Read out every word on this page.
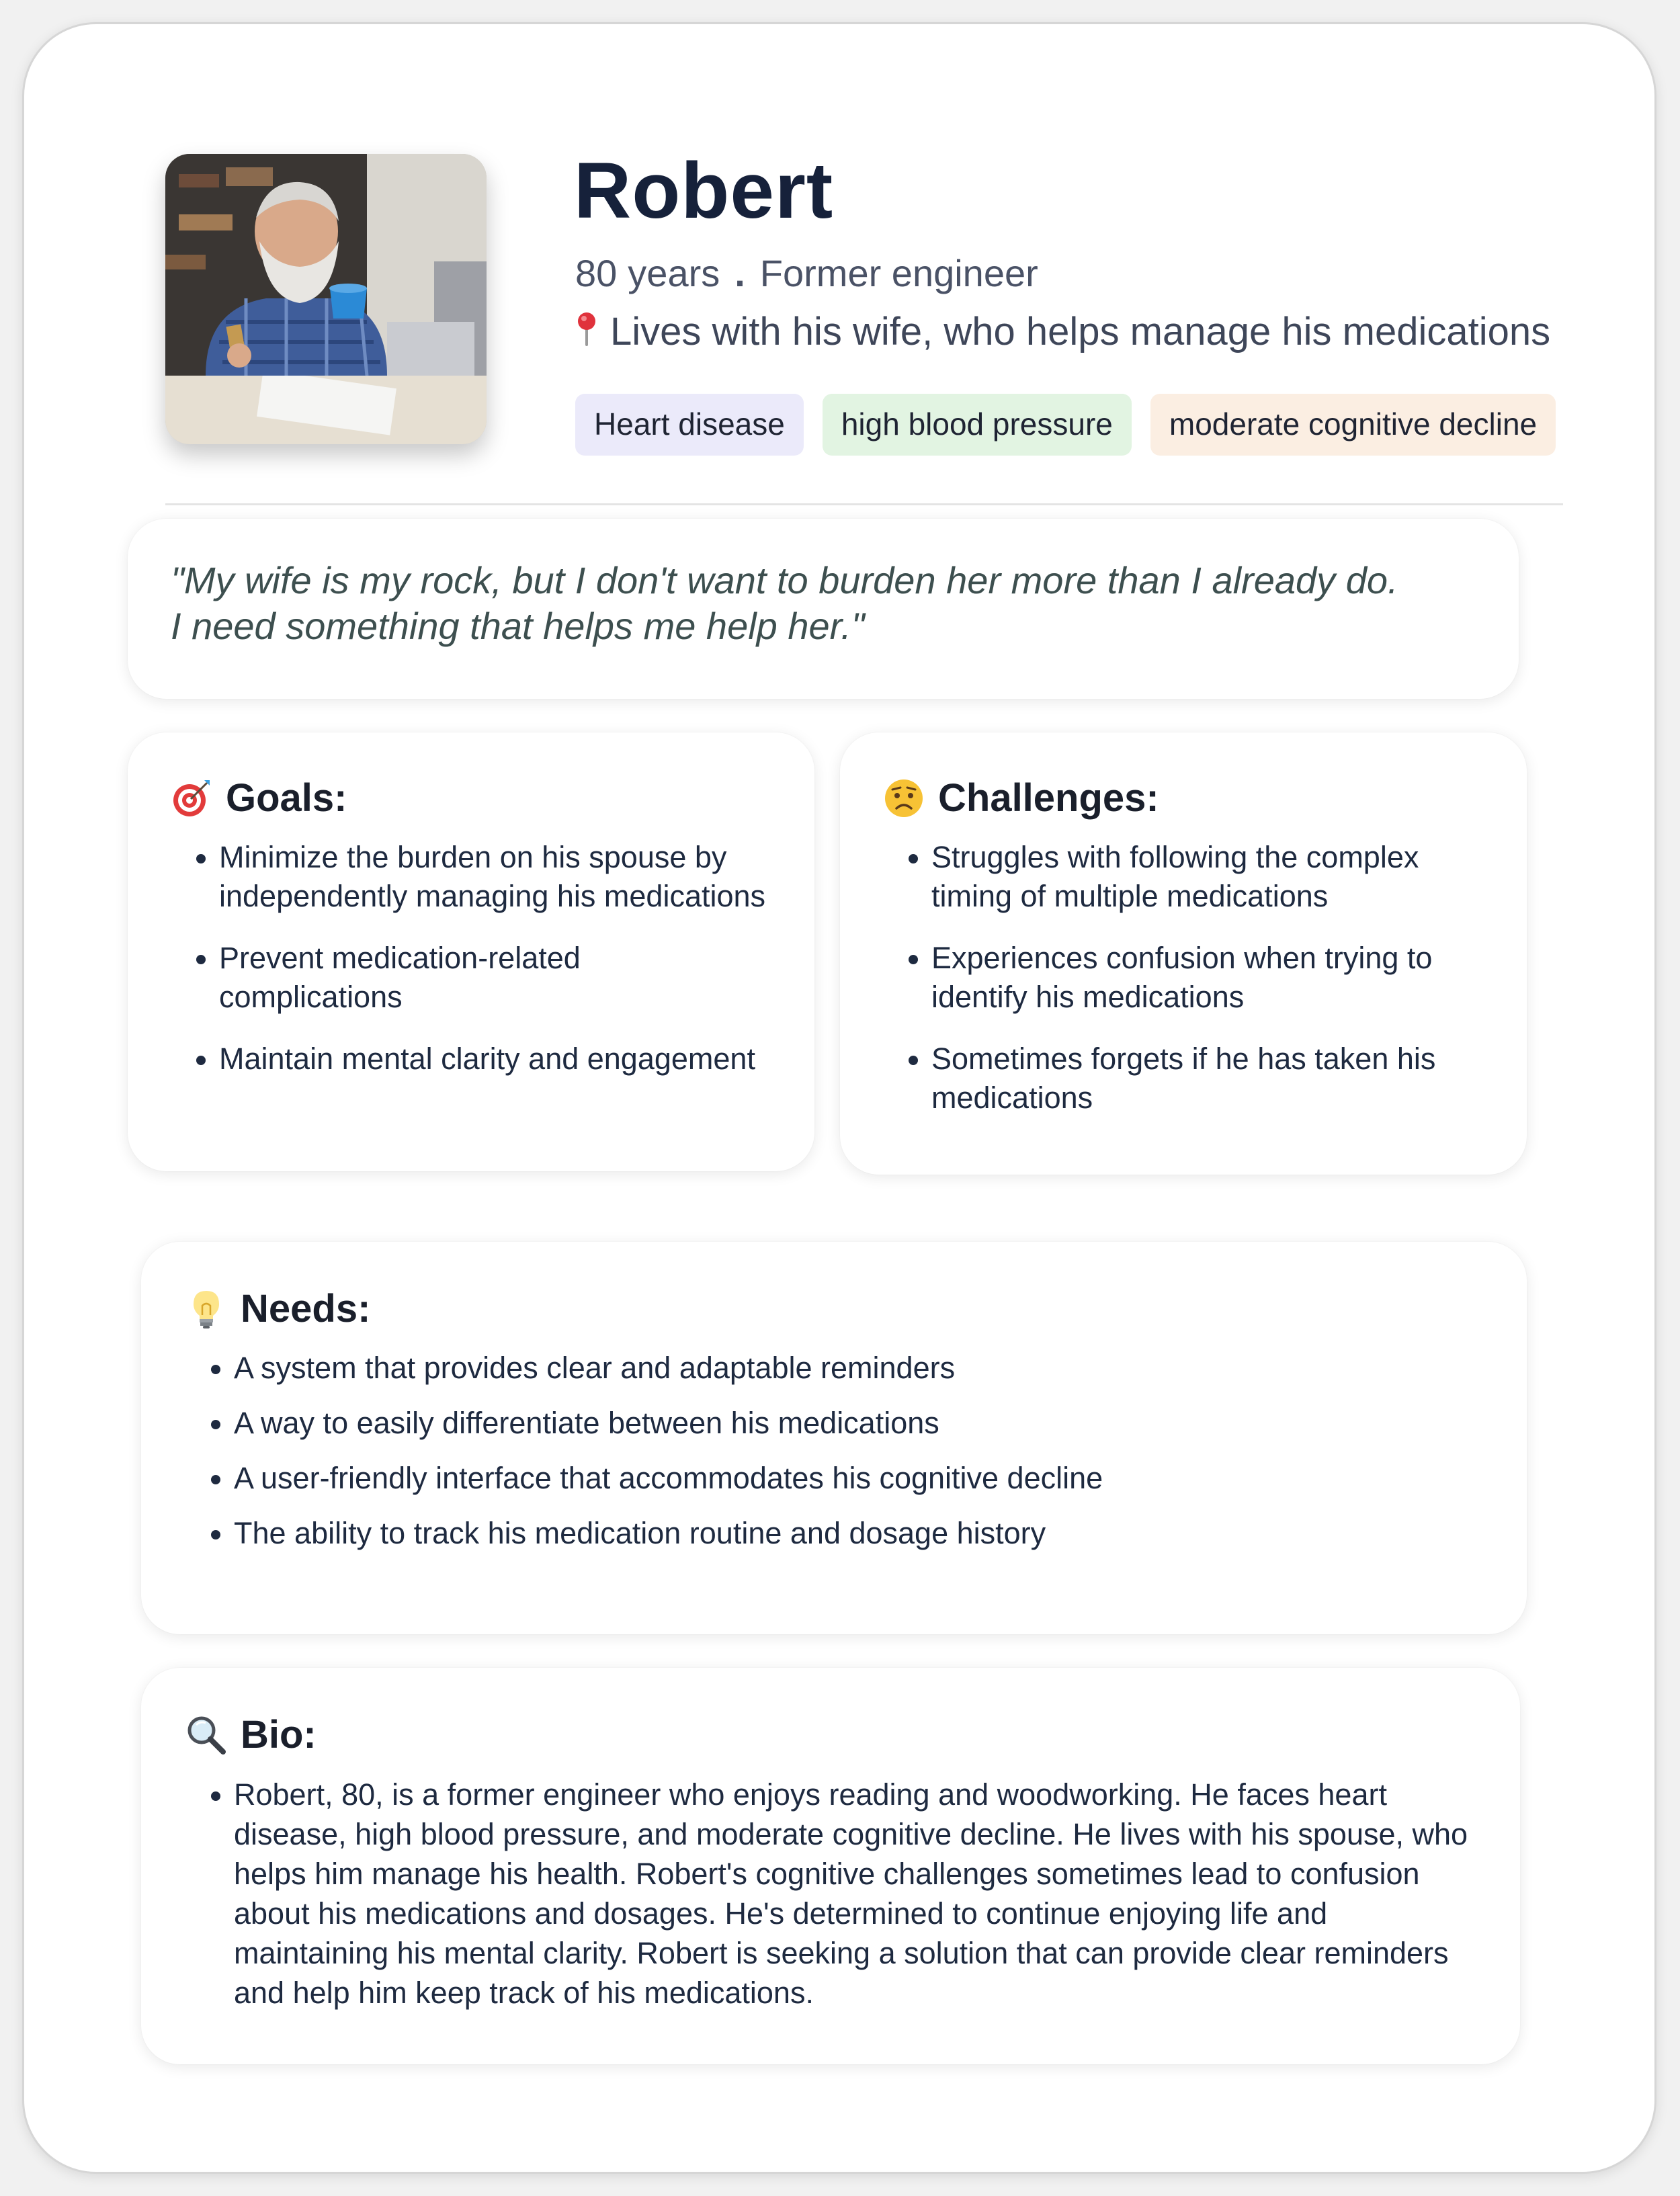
Robert
80 years . Former engineer
Lives with his wife, who helps manage his medications
Heart disease	high blood pressure	moderate cognitive decline

"My wife is my rock, but I don't want to burden her more than I already do.
I need something that helps me help her."

Goals:
• Minimize the burden on his spouse by independently managing his medications
• Prevent medication-related complications
• Maintain mental clarity and engagement
Challenges:
• Struggles with following the complex timing of multiple medications
• Experiences confusion when trying to identify his medications
• Sometimes forgets if he has taken his medications
Needs:
• A system that provides clear and adaptable reminders
• A way to easily differentiate between his medications
• A user-friendly interface that accommodates his cognitive decline
• The ability to track his medication routine and dosage history
Bio:
• Robert, 80, is a former engineer who enjoys reading and woodworking. He faces heart disease, high blood pressure, and moderate cognitive decline. He lives with his spouse, who helps him manage his health. Robert's cognitive challenges sometimes lead to confusion about his medications and dosages. He's determined to continue enjoying life and maintaining his mental clarity. Robert is seeking a solution that can provide clear reminders and help him keep track of his medications.
